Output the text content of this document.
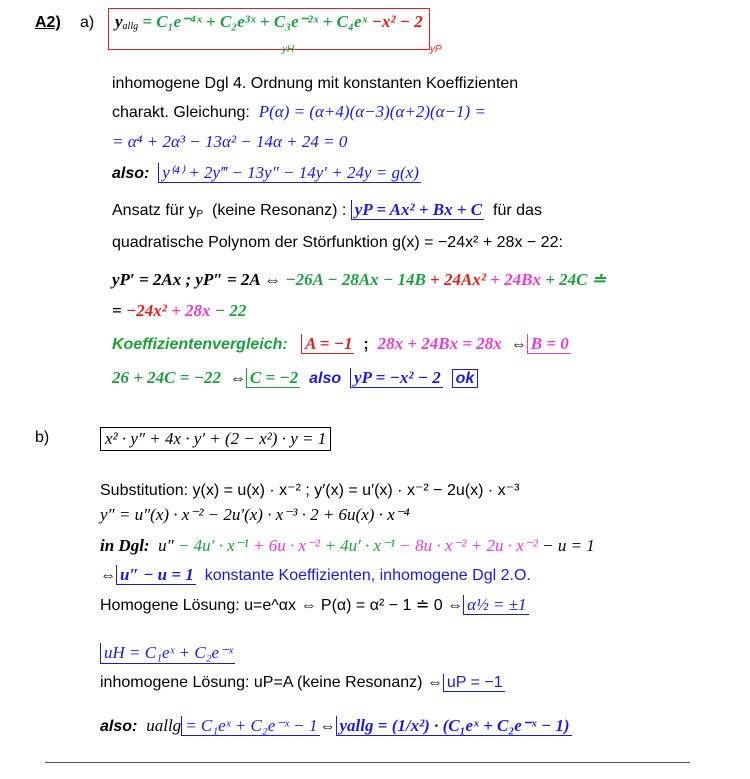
A2) a)	yallg = C₁e⁻⁴ˣ + C₂e³ˣ + C₃e⁻²ˣ + C₄eˣ −x² − 2
yH	yP
inhomogene Dgl 4. Ordnung mit konstanten Koeffizienten
charakt. Gleichung: P(α) = (α+4)(α−3)(α+2)(α−1) =
= α⁴ + 2α³ − 13α² − 14α + 24 = 0
also: y⁽⁴⁾ + 2y‴ − 13y″ − 14y′ + 24y = g(x)
Ansatz für yP (keine Resonanz) : yP = Ax² + Bx + C für das
quadratische Polynom der Störfunktion g(x) = −24x² + 28x − 22:
yP′ = 2Ax ; yP″ = 2A ⇔ −26A − 28Ax − 14B + 24Ax² + 24Bx + 24C ≐
= −24x² + 28x − 22
Koeffizientenvergleich: A = −1 ; 28x + 24Bx = 28x ⇔ B = 0
26 + 24C = −22 ⇔ C = −2 also yP = −x² − 2 ok
b)	x² · y″ + 4x · y′ + (2 − x²) · y = 1
Substitution: y(x) = u(x) · x⁻² ; y′(x) = u′(x) · x⁻² − 2u(x) · x⁻³
y″ = u″(x) · x⁻² − 2u′(x) · x⁻³ · 2 + 6u(x) · x⁻⁴
in Dgl: u″ − 4u′ · x⁻¹ + 6u · x⁻² + 4u′ · x⁻¹ − 8u · x⁻² + 2u · x⁻² − u = 1
⇔ u″ − u = 1 konstante Koeffizienten, inhomogene Dgl 2.O.
Homogene Lösung: u=e^αx ⇔ P(α) = α² − 1 ≐ 0 ⇔ α½ = ±1
uH = C₁eˣ + C₂e⁻ˣ
inhomogene Lösung: uP=A (keine Resonanz) ⇔ uP = −1
also: uallg = C₁eˣ + C₂e⁻ˣ − 1 ⇔ yallg = (1/x²) · (C₁eˣ + C₂e⁻ˣ − 1)
